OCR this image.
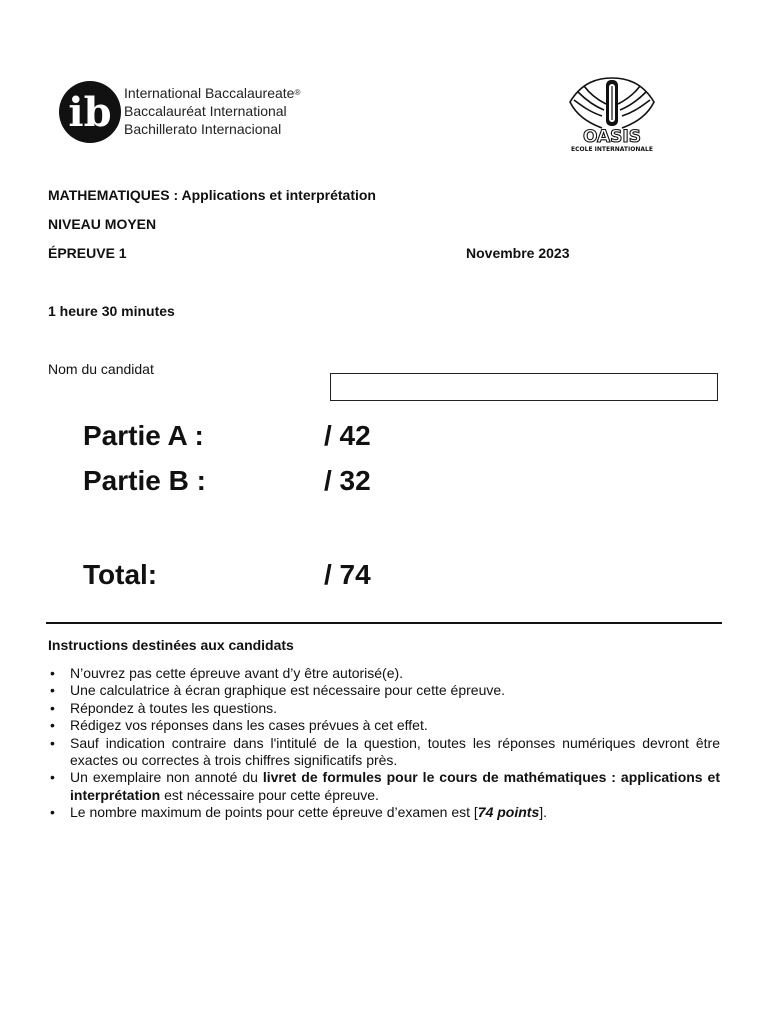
ib International Baccalaureate®
Baccalauréat International
Bachillerato Internacional	OASIS
ECOLE INTERNATIONALE
MATHEMATIQUES : Applications et interprétation
NIVEAU MOYEN
ÉPREUVE 1	Novembre 2023
1 heure 30 minutes
Nom du candidat
Partie A :	/ 42
Partie B :	/ 32
Total:	/ 74
Instructions destinées aux candidats
• N’ouvrez pas cette épreuve avant d’y être autorisé(e).
• Une calculatrice à écran graphique est nécessaire pour cette épreuve.
• Répondez à toutes les questions.
• Rédigez vos réponses dans les cases prévues à cet effet.
• Sauf indication contraire dans l'intitulé de la question, toutes les réponses numériques devront être exactes ou correctes à trois chiffres significatifs près.
• Un exemplaire non annoté du livret de formules pour le cours de mathématiques : applications et interprétation est nécessaire pour cette épreuve.
• Le nombre maximum de points pour cette épreuve d’examen est [74 points].
